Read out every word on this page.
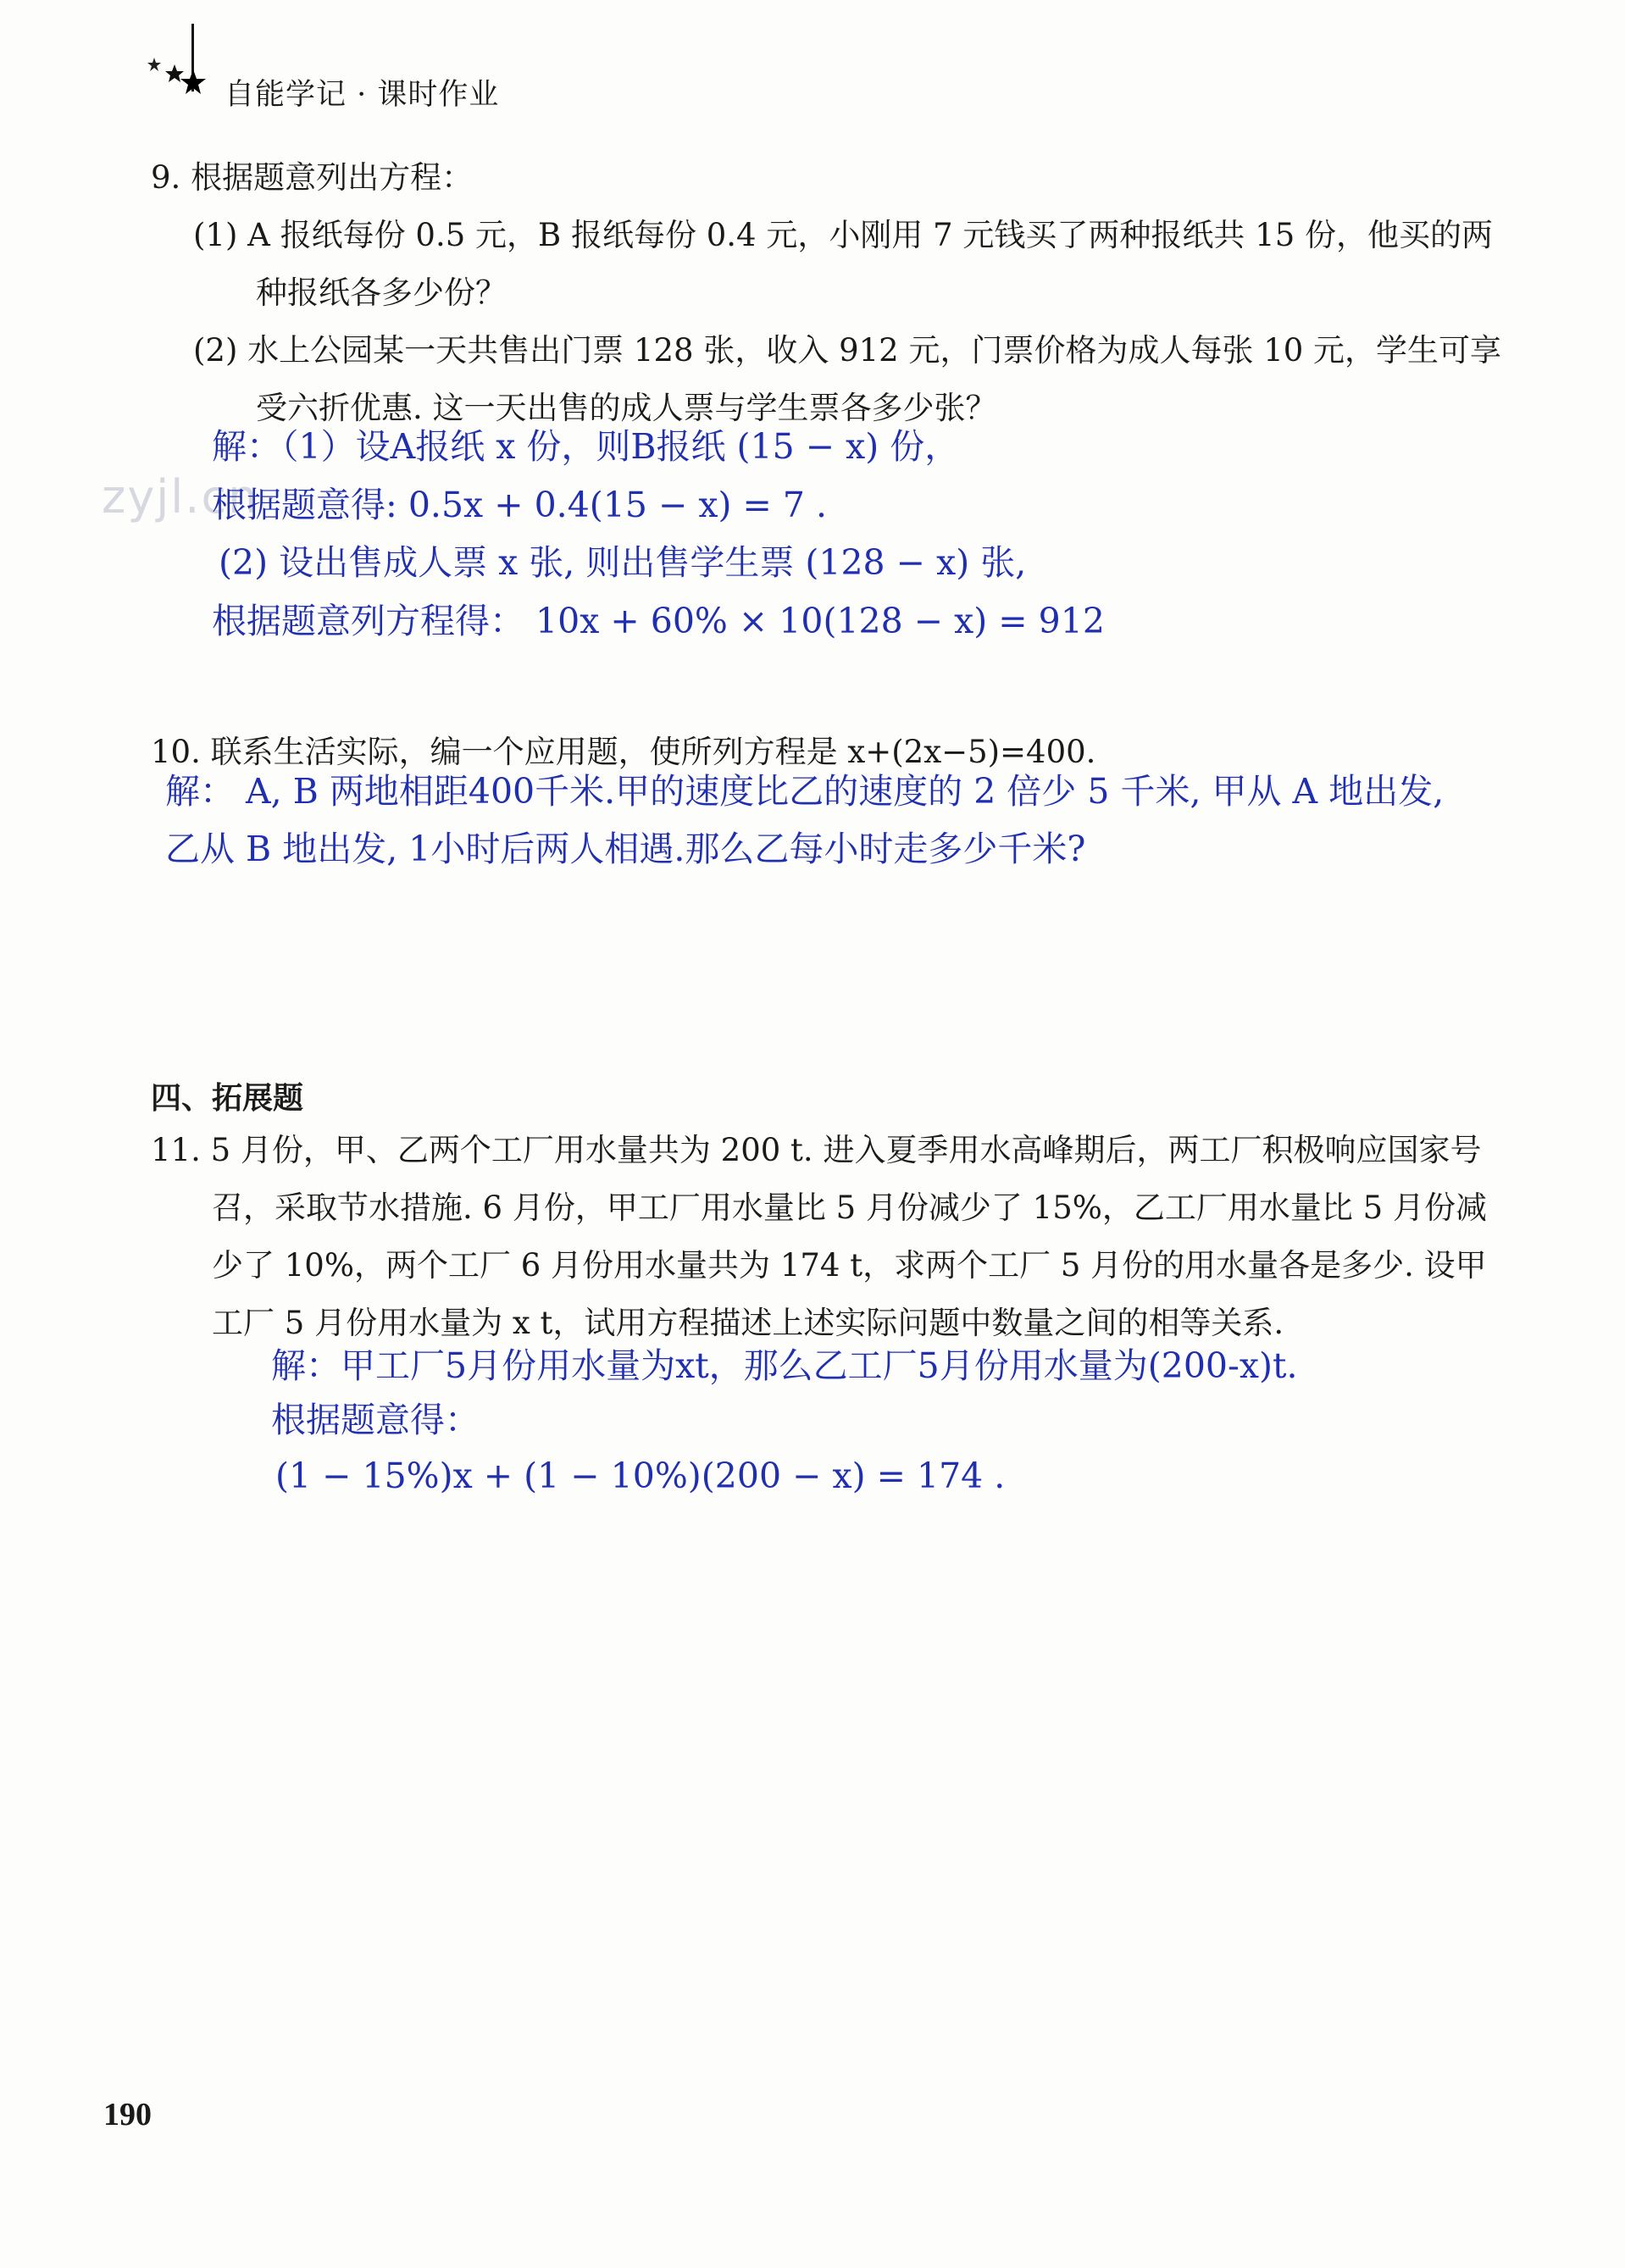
自能学记 · 课时作业
zyjl.cn
9. 根据题意列出方程：
(1) A 报纸每份 0.5 元，B 报纸每份 0.4 元，小刚用 7 元钱买了两种报纸共 15 份，他买的两
种报纸各多少份？
(2) 水上公园某一天共售出门票 128 张，收入 912 元，门票价格为成人每张 10 元，学生可享
受六折优惠. 这一天出售的成人票与学生票各多少张？
解：（1）设A报纸 x 份，则B报纸 (15 − x) 份，
根据题意得: 0.5x + 0.4(15 − x) = 7 .
(2) 设出售成人票 x 张, 则出售学生票 (128 − x) 张,
根据题意列方程得： 10x + 60% × 10(128 − x) = 912
10. 联系生活实际，编一个应用题，使所列方程是 x+(2x−5)=400.
解： A, B 两地相距400千米.甲的速度比乙的速度的 2 倍少 5 千米, 甲从 A 地出发,
乙从 B 地出发, 1小时后两人相遇.那么乙每小时走多少千米?
四、拓展题
11. 5 月份，甲、乙两个工厂用水量共为 200 t. 进入夏季用水高峰期后，两工厂积极响应国家号
召，采取节水措施. 6 月份，甲工厂用水量比 5 月份减少了 15%，乙工厂用水量比 5 月份减
少了 10%，两个工厂 6 月份用水量共为 174 t，求两个工厂 5 月份的用水量各是多少. 设甲
工厂 5 月份用水量为 x t，试用方程描述上述实际问题中数量之间的相等关系.
解：甲工厂5月份用水量为xt，那么乙工厂5月份用水量为(200-x)t.
根据题意得：
(1 − 15%)x + (1 − 10%)(200 − x) = 174 .
190
